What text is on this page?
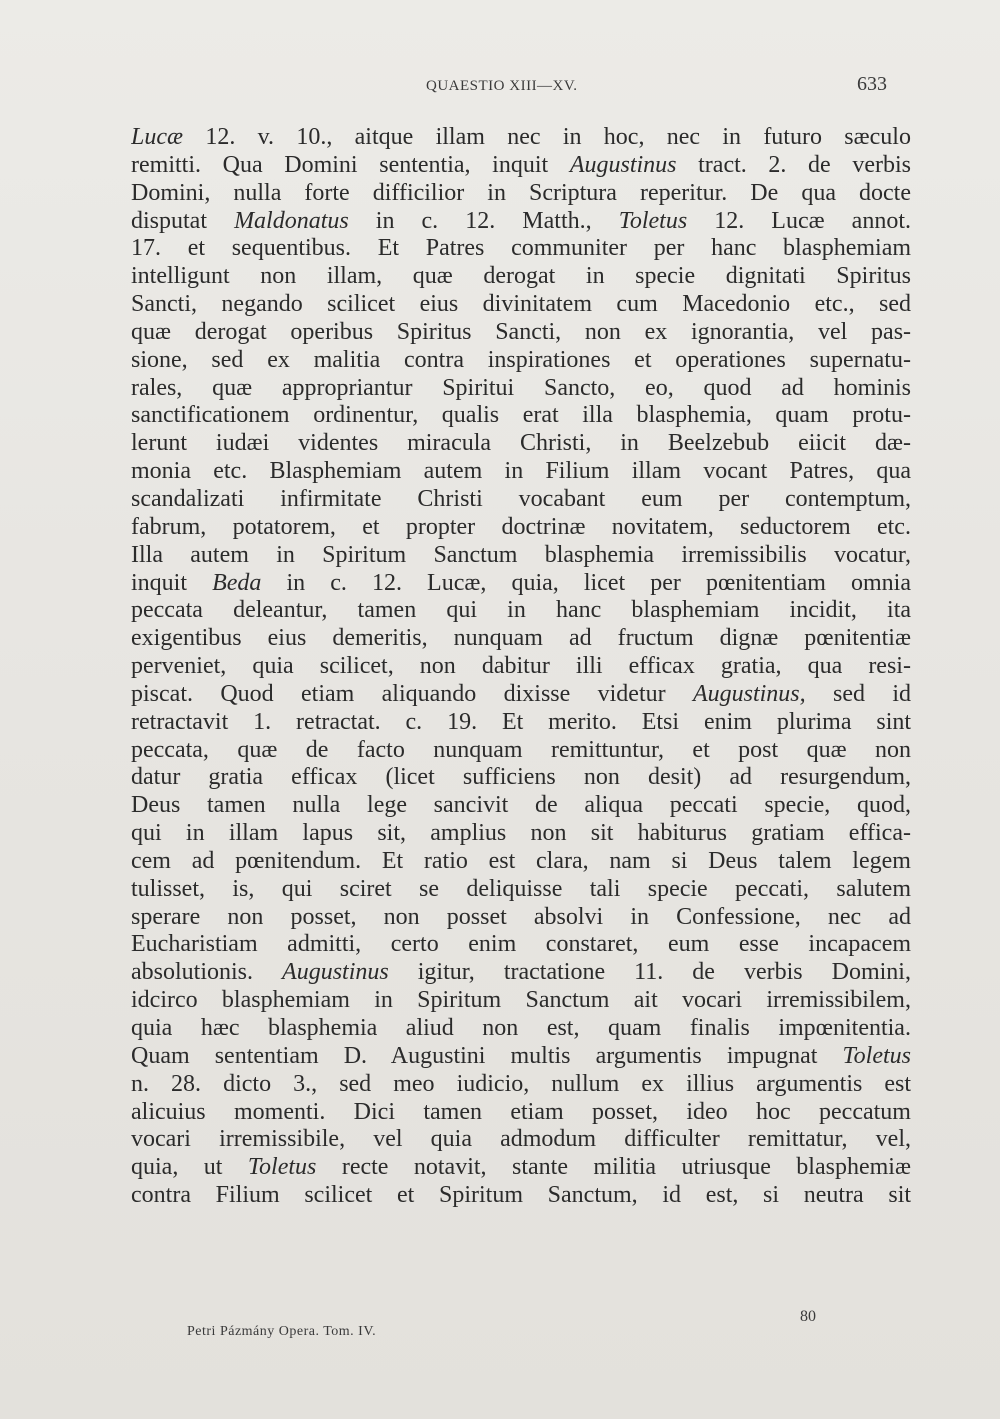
QUAESTIO XIII—XV.	633
Lucæ 12. v. 10., aitque illam nec in hoc, nec in futuro sæculo
remitti. Qua Domini sententia, inquit Augustinus tract. 2. de verbis
Domini, nulla forte difficilior in Scriptura reperitur. De qua docte
disputat Maldonatus in c. 12. Matth., Toletus 12. Lucæ annot.
17. et sequentibus. Et Patres communiter per hanc blasphemiam
intelligunt non illam, quæ derogat in specie dignitati Spiritus
Sancti, negando scilicet eius divinitatem cum Macedonio etc., sed
quæ derogat operibus Spiritus Sancti, non ex ignorantia, vel pas-
sione, sed ex malitia contra inspirationes et operationes supernatu-
rales, quæ appropriantur Spiritui Sancto, eo, quod ad hominis
sanctificationem ordinentur, qualis erat illa blasphemia, quam protu-
lerunt iudæi videntes miracula Christi, in Beelzebub eiicit dæ-
monia etc. Blasphemiam autem in Filium illam vocant Patres, qua
scandalizati infirmitate Christi vocabant eum per contemptum,
fabrum, potatorem, et propter doctrinæ novitatem, seductorem etc.
Illa autem in Spiritum Sanctum blasphemia irremissibilis vocatur,
inquit Beda in c. 12. Lucæ, quia, licet per pœnitentiam omnia
peccata deleantur, tamen qui in hanc blasphemiam incidit, ita
exigentibus eius demeritis, nunquam ad fructum dignæ pœnitentiæ
perveniet, quia scilicet, non dabitur illi efficax gratia, qua resi-
piscat. Quod etiam aliquando dixisse videtur Augustinus, sed id
retractavit 1. retractat. c. 19. Et merito. Etsi enim plurima sint
peccata, quæ de facto nunquam remittuntur, et post quæ non
datur gratia efficax (licet sufficiens non desit) ad resurgendum,
Deus tamen nulla lege sancivit de aliqua peccati specie, quod,
qui in illam lapus sit, amplius non sit habiturus gratiam effica-
cem ad pœnitendum. Et ratio est clara, nam si Deus talem legem
tulisset, is, qui sciret se deliquisse tali specie peccati, salutem
sperare non posset, non posset absolvi in Confessione, nec ad
Eucharistiam admitti, certo enim constaret, eum esse incapacem
absolutionis. Augustinus igitur, tractatione 11. de verbis Domini,
idcirco blasphemiam in Spiritum Sanctum ait vocari irremissibilem,
quia hæc blasphemia aliud non est, quam finalis impœnitentia.
Quam sententiam D. Augustini multis argumentis impugnat Toletus
n. 28. dicto 3., sed meo iudicio, nullum ex illius argumentis est
alicuius momenti. Dici tamen etiam posset, ideo hoc peccatum
vocari irremissibile, vel quia admodum difficulter remittatur, vel,
quia, ut Toletus recte notavit, stante militia utriusque blasphemiæ
contra Filium scilicet et Spiritum Sanctum, id est, si neutra sit
80
Petri Pázmány Opera. Tom. IV.
